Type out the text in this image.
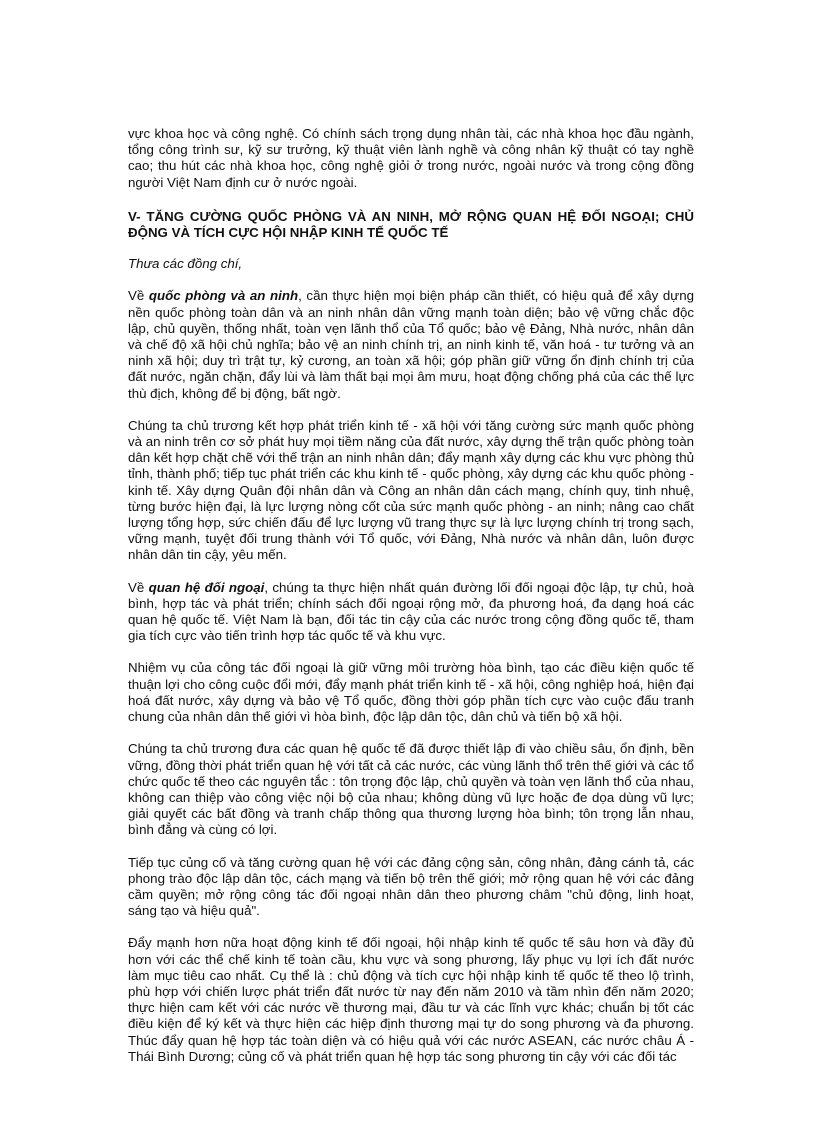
vực khoa học và công nghệ. Có chính sách trọng dụng nhân tài, các nhà khoa học đầu ngành, tổng công trình sư, kỹ sư trưởng, kỹ thuật viên lành nghề và công nhân kỹ thuật có tay nghề cao; thu hút các nhà khoa học, công nghệ giỏi ở trong nước, ngoài nước và trong cộng đồng người Việt Nam định cư ở nước ngoài.

V- TĂNG CƯỜNG QUỐC PHÒNG VÀ AN NINH, MỞ RỘNG QUAN HỆ ĐỐI NGOẠI; CHỦ ĐỘNG VÀ TÍCH CỰC HỘI NHẬP KINH TẾ QUỐC TẾ

Thưa các đồng chí,

Về quốc phòng và an ninh, cần thực hiện mọi biện pháp cần thiết, có hiệu quả để xây dựng nền quốc phòng toàn dân và an ninh nhân dân vững mạnh toàn diện; bảo vệ vững chắc độc lập, chủ quyền, thống nhất, toàn vẹn lãnh thổ của Tổ quốc; bảo vệ Đảng, Nhà nước, nhân dân và chế độ xã hội chủ nghĩa; bảo vệ an ninh chính trị, an ninh kinh tế, văn hoá - tư tưởng và an ninh xã hội; duy trì trật tự, kỷ cương, an toàn xã hội; góp phần giữ vững ổn định chính trị của đất nước, ngăn chặn, đẩy lùi và làm thất bại mọi âm mưu, hoạt động chống phá của các thế lực thù địch, không để bị động, bất ngờ.

Chúng ta chủ trương kết hợp phát triển kinh tế - xã hội với tăng cường sức mạnh quốc phòng và an ninh trên cơ sở phát huy mọi tiềm năng của đất nước, xây dựng thế trận quốc phòng toàn dân kết hợp chặt chẽ với thế trận an ninh nhân dân; đẩy mạnh xây dựng các khu vực phòng thủ tỉnh, thành phố; tiếp tục phát triển các khu kinh tế - quốc phòng, xây dựng các khu quốc phòng - kinh tế. Xây dựng Quân đội nhân dân và Công an nhân dân cách mạng, chính quy, tinh nhuệ, từng bước hiện đại, là lực lượng nòng cốt của sức mạnh quốc phòng - an ninh; nâng cao chất lượng tổng hợp, sức chiến đấu để lực lượng vũ trang thực sự là lực lượng chính trị trong sạch, vững mạnh, tuyệt đối trung thành với Tổ quốc, với Đảng, Nhà nước và nhân dân, luôn được nhân dân tin cậy, yêu mến.

Về quan hệ đối ngoại, chúng ta thực hiện nhất quán đường lối đối ngoại độc lập, tự chủ, hoà bình, hợp tác và phát triển; chính sách đối ngoại rộng mở, đa phương hoá, đa dạng hoá các quan hệ quốc tế. Việt Nam là bạn, đối tác tin cậy của các nước trong cộng đồng quốc tế, tham gia tích cực vào tiến trình hợp tác quốc tế và khu vực.

Nhiệm vụ của công tác đối ngoại là giữ vững môi trường hòa bình, tạo các điều kiện quốc tế thuận lợi cho công cuộc đổi mới, đẩy mạnh phát triển kinh tế - xã hội, công nghiệp hoá, hiện đại hoá đất nước, xây dựng và bảo vệ Tổ quốc, đồng thời góp phần tích cực vào cuộc đấu tranh chung của nhân dân thế giới vì hòa bình, độc lập dân tộc, dân chủ và tiến bộ xã hội.

Chúng ta chủ trương đưa các quan hệ quốc tế đã được thiết lập đi vào chiều sâu, ổn định, bền vững, đồng thời phát triển quan hệ với tất cả các nước, các vùng lãnh thổ trên thế giới và các tổ chức quốc tế theo các nguyên tắc : tôn trọng độc lập, chủ quyền và toàn vẹn lãnh thổ của nhau, không can thiệp vào công việc nội bộ của nhau; không dùng vũ lực hoặc đe dọa dùng vũ lực; giải quyết các bất đồng và tranh chấp thông qua thương lượng hòa bình; tôn trọng lẫn nhau, bình đẳng và cùng có lợi.

Tiếp tục củng cố và tăng cường quan hệ với các đảng cộng sản, công nhân, đảng cánh tả, các phong trào độc lập dân tộc, cách mạng và tiến bộ trên thế giới; mở rộng quan hệ với các đảng cầm quyền; mở rộng công tác đối ngoại nhân dân theo phương châm "chủ động, linh hoạt, sáng tạo và hiệu quả".

Đẩy mạnh hơn nữa hoạt động kinh tế đối ngoại, hội nhập kinh tế quốc tế sâu hơn và đầy đủ hơn với các thể chế kinh tế toàn cầu, khu vực và song phương, lấy phục vụ lợi ích đất nước làm mục tiêu cao nhất. Cụ thể là : chủ động và tích cực hội nhập kinh tế quốc tế theo lộ trình, phù hợp với chiến lược phát triển đất nước từ nay đến năm 2010 và tầm nhìn đến năm 2020; thực hiện cam kết với các nước về thương mại, đầu tư và các lĩnh vực khác; chuẩn bị tốt các điều kiện để ký kết và thực hiện các hiệp định thương mại tự do song phương và đa phương. Thúc đẩy quan hệ hợp tác toàn diện và có hiệu quả với các nước ASEAN, các nước châu Á - Thái Bình Dương; củng cố và phát triển quan hệ hợp tác song phương tin cậy với các đối tác
